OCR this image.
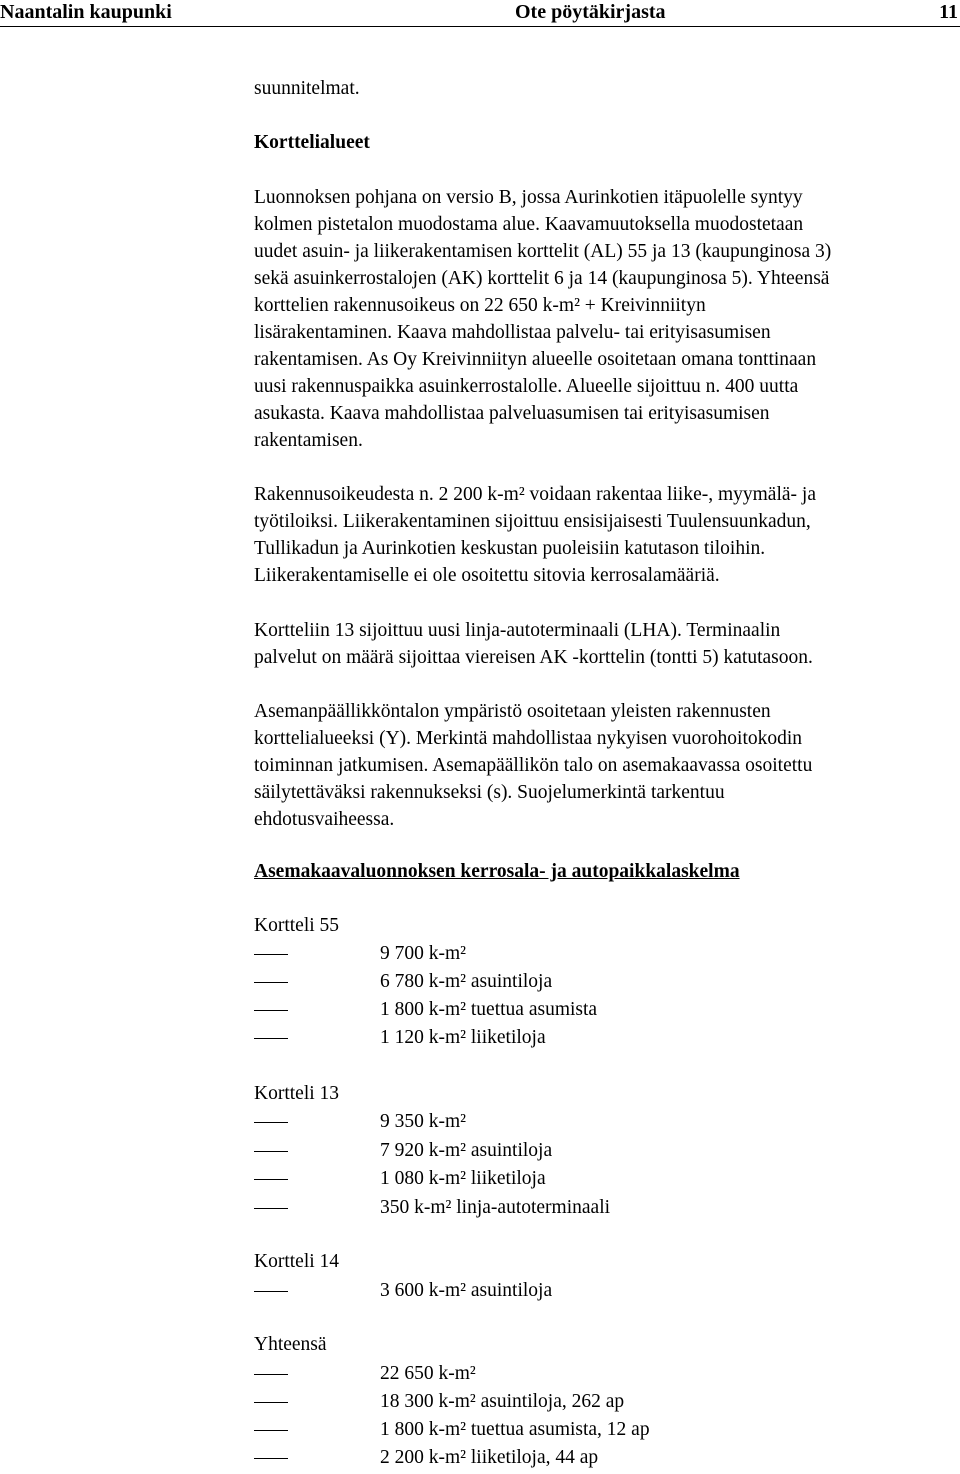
Naantalin kaupunki	Ote pöytäkirjasta	11
suunnitelmat.
Korttelialueet
Luonnoksen pohjana on versio B, jossa Aurinkotien itäpuolelle syntyy
kolmen pistetalon muodostama alue. Kaavamuutoksella muodostetaan
uudet asuin- ja liikerakentamisen korttelit (AL) 55 ja 13 (kaupunginosa 3)
sekä asuinkerrostalojen (AK) korttelit 6 ja 14 (kaupunginosa 5). Yhteensä
korttelien rakennusoikeus on 22 650 k-m² + Kreivinniityn
lisärakentaminen. Kaava mahdollistaa palvelu- tai erityisasumisen
rakentamisen. As Oy Kreivinniityn alueelle osoitetaan omana tonttinaan
uusi rakennuspaikka asuinkerrostalolle. Alueelle sijoittuu n. 400 uutta
asukasta. Kaava mahdollistaa palveluasumisen tai erityisasumisen
rakentamisen.
Rakennusoikeudesta n. 2 200 k-m² voidaan rakentaa liike-, myymälä- ja
työtiloiksi. Liikerakentaminen sijoittuu ensisijaisesti Tuulensuunkadun,
Tullikadun ja Aurinkotien keskustan puoleisiin katutason tiloihin.
Liikerakentamiselle ei ole osoitettu sitovia kerrosalamääriä.
Kortteliin 13 sijoittuu uusi linja-autoterminaali (LHA). Terminaalin
palvelut on määrä sijoittaa viereisen AK -korttelin (tontti 5) katutasoon.
Asemanpäällikköntalon ympäristö osoitetaan yleisten rakennusten
korttelialueeksi (Y). Merkintä mahdollistaa nykyisen vuorohoitokodin
toiminnan jatkumisen. Asemapäällikön talo on asemakaavassa osoitettu
säilytettäväksi rakennukseksi (s). Suojelumerkintä tarkentuu
ehdotusvaiheessa.
Asemakaavaluonnoksen kerrosala- ja autopaikkalaskelma
Kortteli 55
9 700 k-m²
6 780 k-m² asuintiloja
1 800 k-m² tuettua asumista
1 120 k-m² liiketiloja
Kortteli 13
9 350 k-m²
7 920 k-m² asuintiloja
1 080 k-m² liiketiloja
350 k-m² linja-autoterminaali
Kortteli 14
3 600 k-m² asuintiloja
Yhteensä
22 650 k-m²
18 300 k-m² asuintiloja, 262 ap
1 800 k-m² tuettua asumista, 12 ap
2 200 k-m² liiketiloja, 44 ap
